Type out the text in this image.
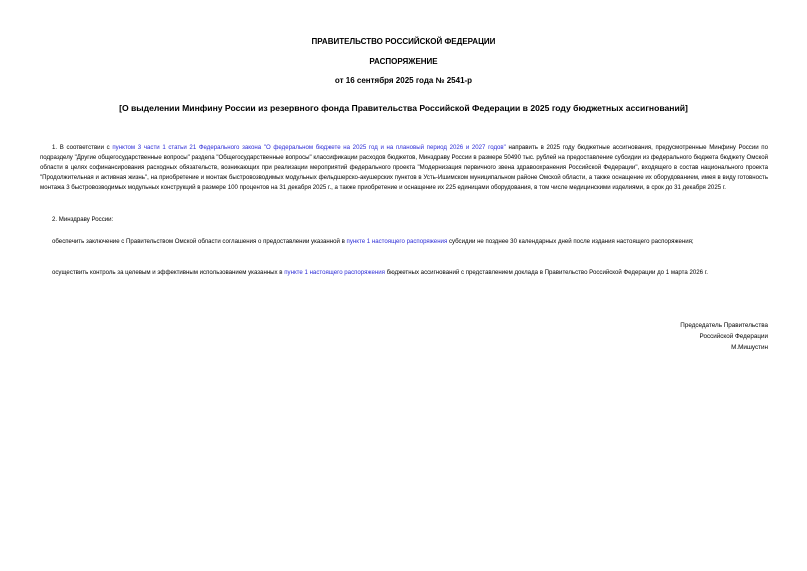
ПРАВИТЕЛЬСТВО РОССИЙСКОЙ ФЕДЕРАЦИИ
РАСПОРЯЖЕНИЕ
от 16 сентября 2025 года № 2541-р
[О выделении Минфину России из резервного фонда Правительства Российской Федерации в 2025 году бюджетных ассигнований]
1. В соответствии с пунктом 3 части 1 статьи 21 Федерального закона "О федеральном бюджете на 2025 год и на плановый период 2026 и 2027 годов" направить в 2025 году бюджетные ассигнования, предусмотренные Минфину России по подразделу "Другие общегосударственные вопросы" раздела "Общегосударственные вопросы" классификации расходов бюджетов, Минздраву России в размере 50490 тыс. рублей на предоставление субсидии из федерального бюджета бюджету Омской области в целях софинансирования расходных обязательств, возникающих при реализации мероприятий федерального проекта "Модернизация первичного звена здравоохранения Российской Федерации", входящего в состав национального проекта "Продолжительная и активная жизнь", на приобретение и монтаж быстровозводимых модульных фельдшерско-акушерских пунктов в Усть-Ишимском муниципальном районе Омской области, а также оснащение их оборудованием, имея в виду готовность монтажа 3 быстровозводимых модульных конструкций в размере 100 процентов на 31 декабря 2025 г., а также приобретение и оснащение их 225 единицами оборудования, в том числе медицинскими изделиями, в срок до 31 декабря 2025 г.
2. Минздраву России:
обеспечить заключение с Правительством Омской области соглашения о предоставлении указанной в пункте 1 настоящего распоряжения субсидии не позднее 30 календарных дней после издания настоящего распоряжения;
осуществить контроль за целевым и эффективным использованием указанных в пункте 1 настоящего распоряжения бюджетных ассигнований с представлением доклада в Правительство Российской Федерации до 1 марта 2026 г.
Председатель Правительства
Российской Федерации
М.Мишустин
